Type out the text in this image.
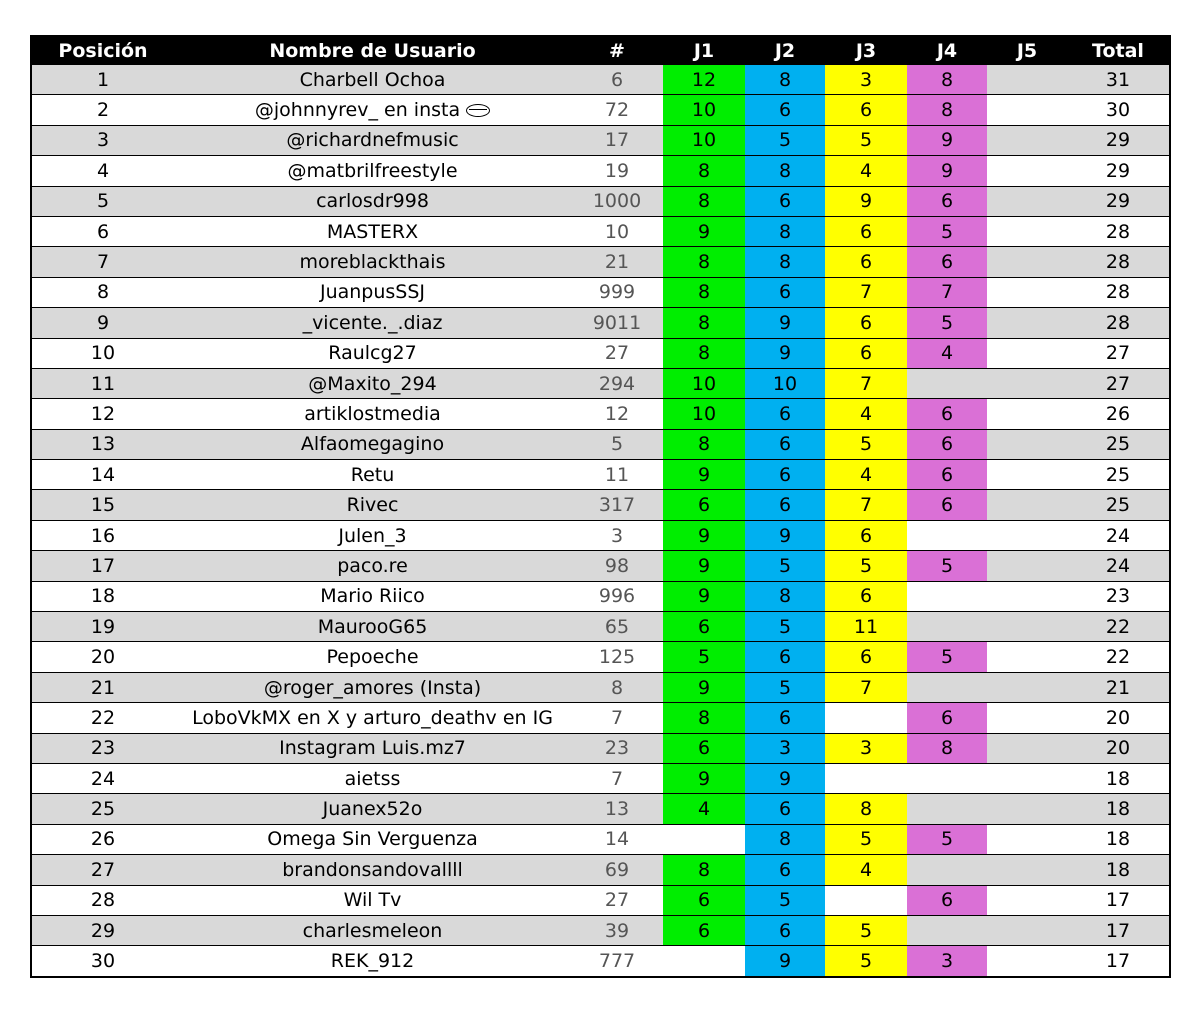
Posición	Nombre de Usuario	#	J1	J2	J3	J4	J5	Total
1	Charbell Ochoa	6	12	8	3	8		31
2	@johnnyrev_ en insta	72	10	6	6	8		30
3	@richardnefmusic	17	10	5	5	9		29
4	@matbrilfreestyle	19	8	8	4	9		29
5	carlosdr998	1000	8	6	9	6		29
6	MASTERX	10	9	8	6	5		28
7	moreblackthais	21	8	8	6	6		28
8	JuanpusSSJ	999	8	6	7	7		28
9	_vicente._.diaz	9011	8	9	6	5		28
10	Raulcg27	27	8	9	6	4		27
11	@Maxito_294	294	10	10	7			27
12	artiklostmedia	12	10	6	4	6		26
13	Alfaomegagino	5	8	6	5	6		25
14	Retu	11	9	6	4	6		25
15	Rivec	317	6	6	7	6		25
16	Julen_3	3	9	9	6			24
17	paco.re	98	9	5	5	5		24
18	Mario Riico	996	9	8	6			23
19	MaurooG65	65	6	5	11			22
20	Pepoeche	125	5	6	6	5		22
21	@roger_amores (Insta)	8	9	5	7			21
22	LoboVkMX en X y arturo_deathv en IG	7	8	6		6		20
23	Instagram Luis.mz7	23	6	3	3	8		20
24	aietss	7	9	9				18
25	Juanex52o	13	4	6	8			18
26	Omega Sin Verguenza	14		8	5	5		18
27	brandonsandovallll	69	8	6	4			18
28	Wil Tv	27	6	5		6		17
29	charlesmeleon	39	6	6	5			17
30	REK_912	777		9	5	3		17
